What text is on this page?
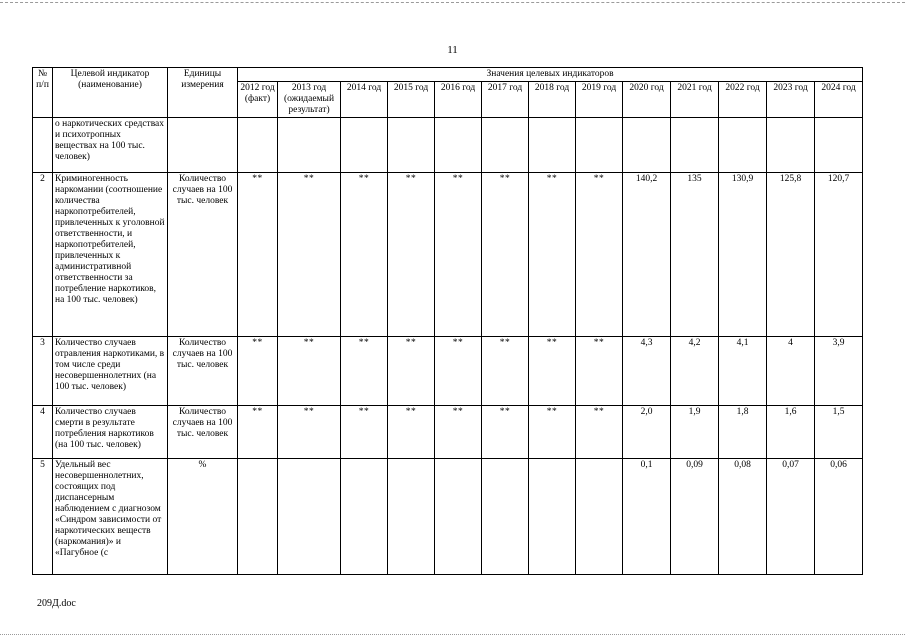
11
№ п/п	Целевой индикатор (наименование)	Единицы измерения	Значения целевых индикаторов												
			2012 год (факт)	2013 год (ожидаемый результат)	2014 год	2015 год	2016 год	2017 год	2018 год	2019 год	2020 год	2021 год	2022 год	2023 год	2024 год
	о наркотических средствах и психотропных веществах на 100 тыс. человек)														
2	Криминогенность наркомании (соотношение количества наркопотребителей, привлеченных к уголовной ответственности, и наркопотребителей, привлеченных к административной ответственности за потребление наркотиков, на 100 тыс. человек)	Количество случаев на 100 тыс. человек	**	**	**	**	**	**	**	**	140,2	135	130,9	125,8	120,7
3	Количество случаев отравления наркотиками, в том числе среди несовершеннолетних (на 100 тыс. человек)	Количество случаев на 100 тыс. человек	**	**	**	**	**	**	**	**	4,3	4,2	4,1	4	3,9
4	Количество случаев смерти в результате потребления наркотиков (на 100 тыс. человек)	Количество случаев на 100 тыс. человек	**	**	**	**	**	**	**	**	2,0	1,9	1,8	1,6	1,5
5	Удельный вес несовершеннолетних, состоящих под диспансерным наблюдением с диагнозом «Синдром зависимости от наркотических веществ (наркомания)» и «Пагубное (с	%									0,1	0,09	0,08	0,07	0,06
209Д.doc
